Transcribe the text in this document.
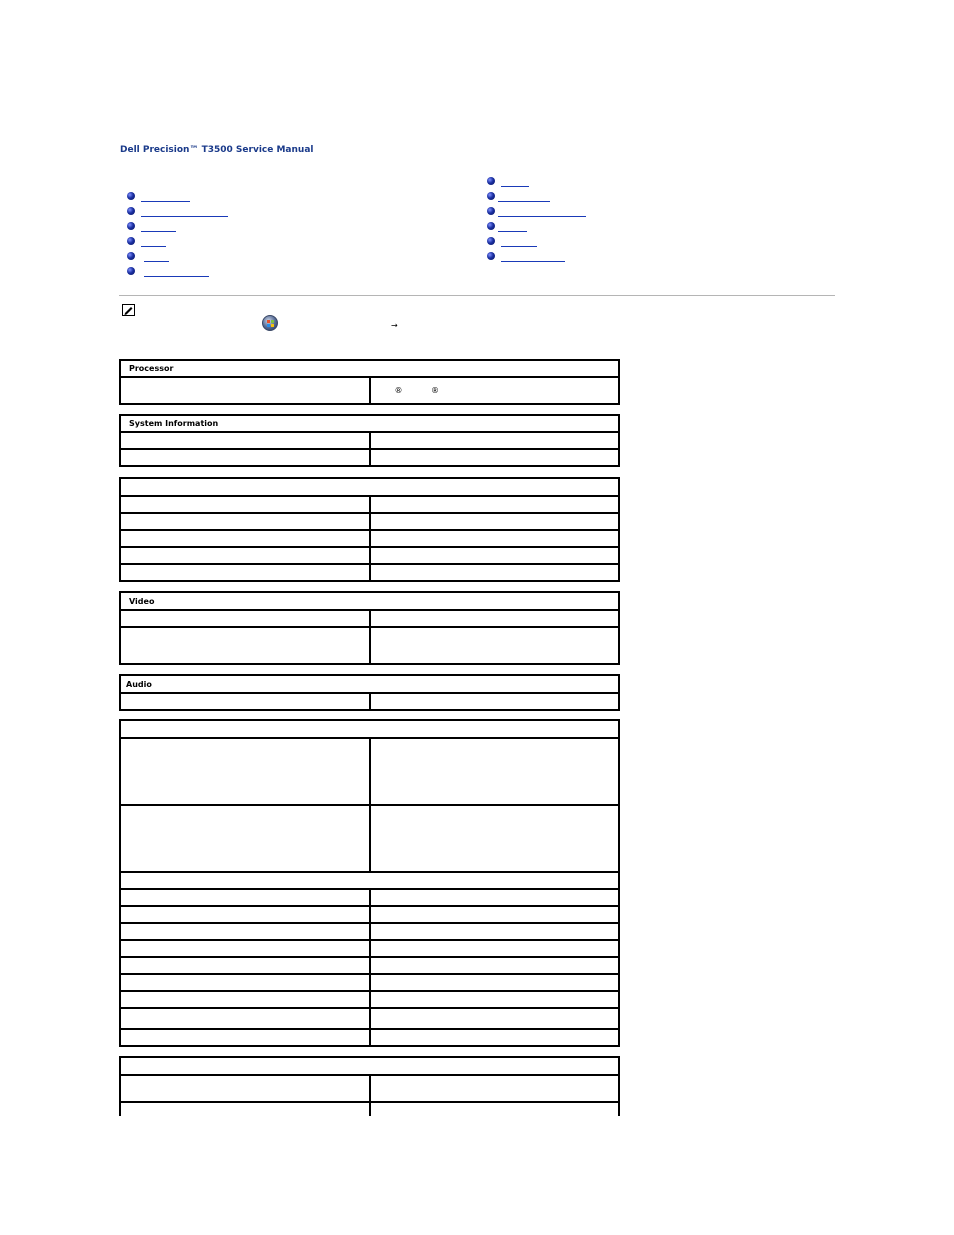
Dell Precision™ T3500 Service Manual
→
Processor
	®	®
System Information	

Video	

Audio
